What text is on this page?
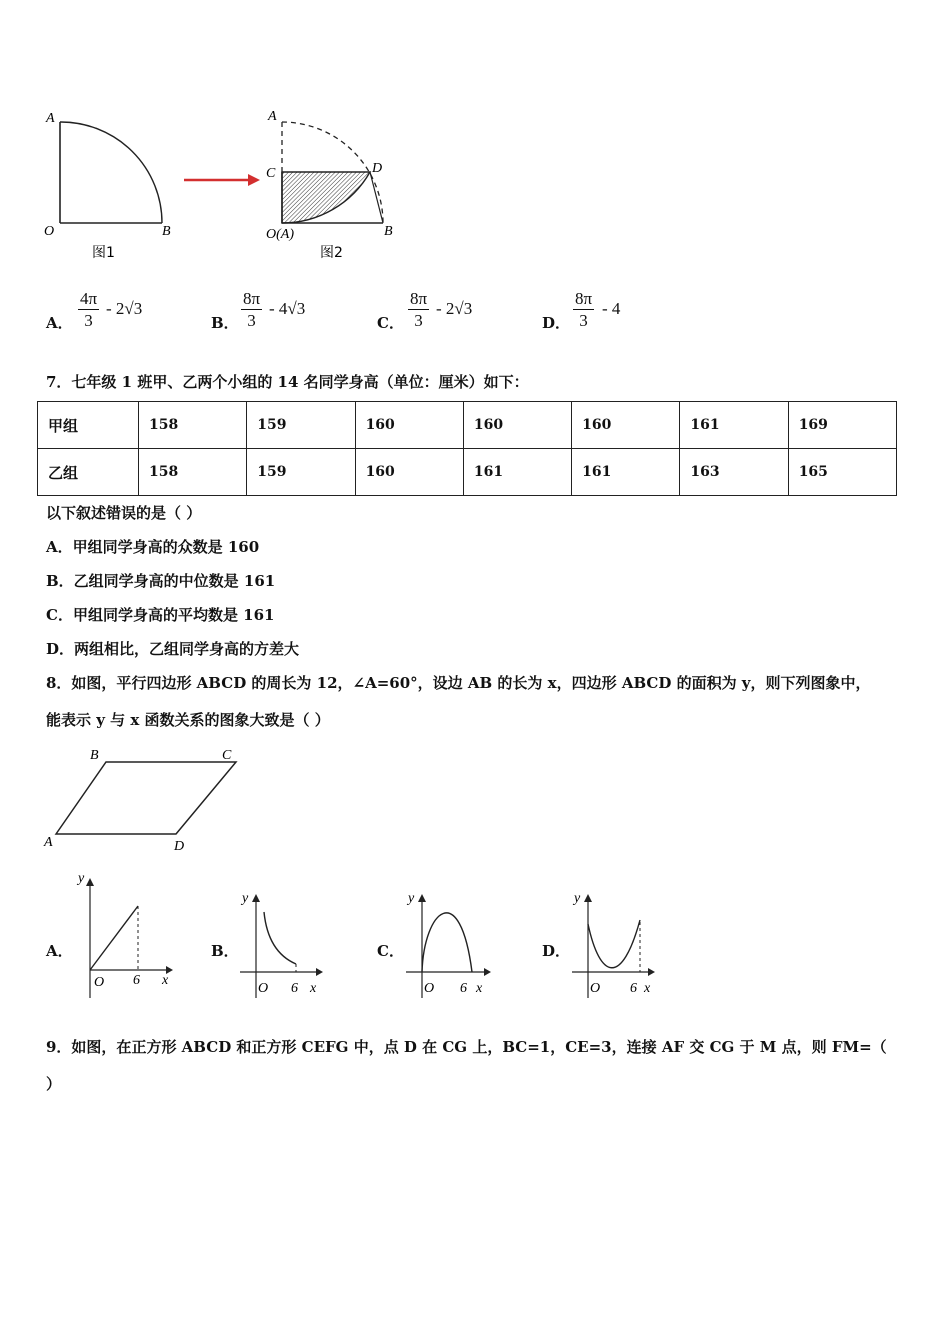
A
O	B
图1
A
C	D
O(A)	B
图2
A． $\frac{4\pi}{3} - 2√3$
B． $\frac{8\pi}{3} - 4√3$
C． $\frac{8\pi}{3} - 2√3$
D． $\frac{8\pi}{3} - 4$
7．七年级 1 班甲、乙两个小组的 14 名同学身高（单位：厘米）如下：
甲组	158	159	160	160	160	161	169
乙组	158	159	160	161	161	163	165
以下叙述错误的是（ ）
A．甲组同学身高的众数是 160
B．乙组同学身高的中位数是 161
C．甲组同学身高的平均数是 161
D．两组相比，乙组同学身高的方差大
8．如图，平行四边形 ABCD 的周长为 12，∠A=60°，设边 AB 的长为 x，四边形 ABCD 的面积为 y，则下列图象中，
能表示 y 与 x 函数关系的图象大致是（ ）
B	C
A	D
A．
y
x
O 6
B．
y
x
O 6
C．
y
x
O 6
D．
y
x
O 6
9．如图，在正方形 ABCD 和正方形 CEFG 中，点 D 在 CG 上，BC=1，CE=3，连接 AF 交 CG 于 M 点，则 FM=（
）
